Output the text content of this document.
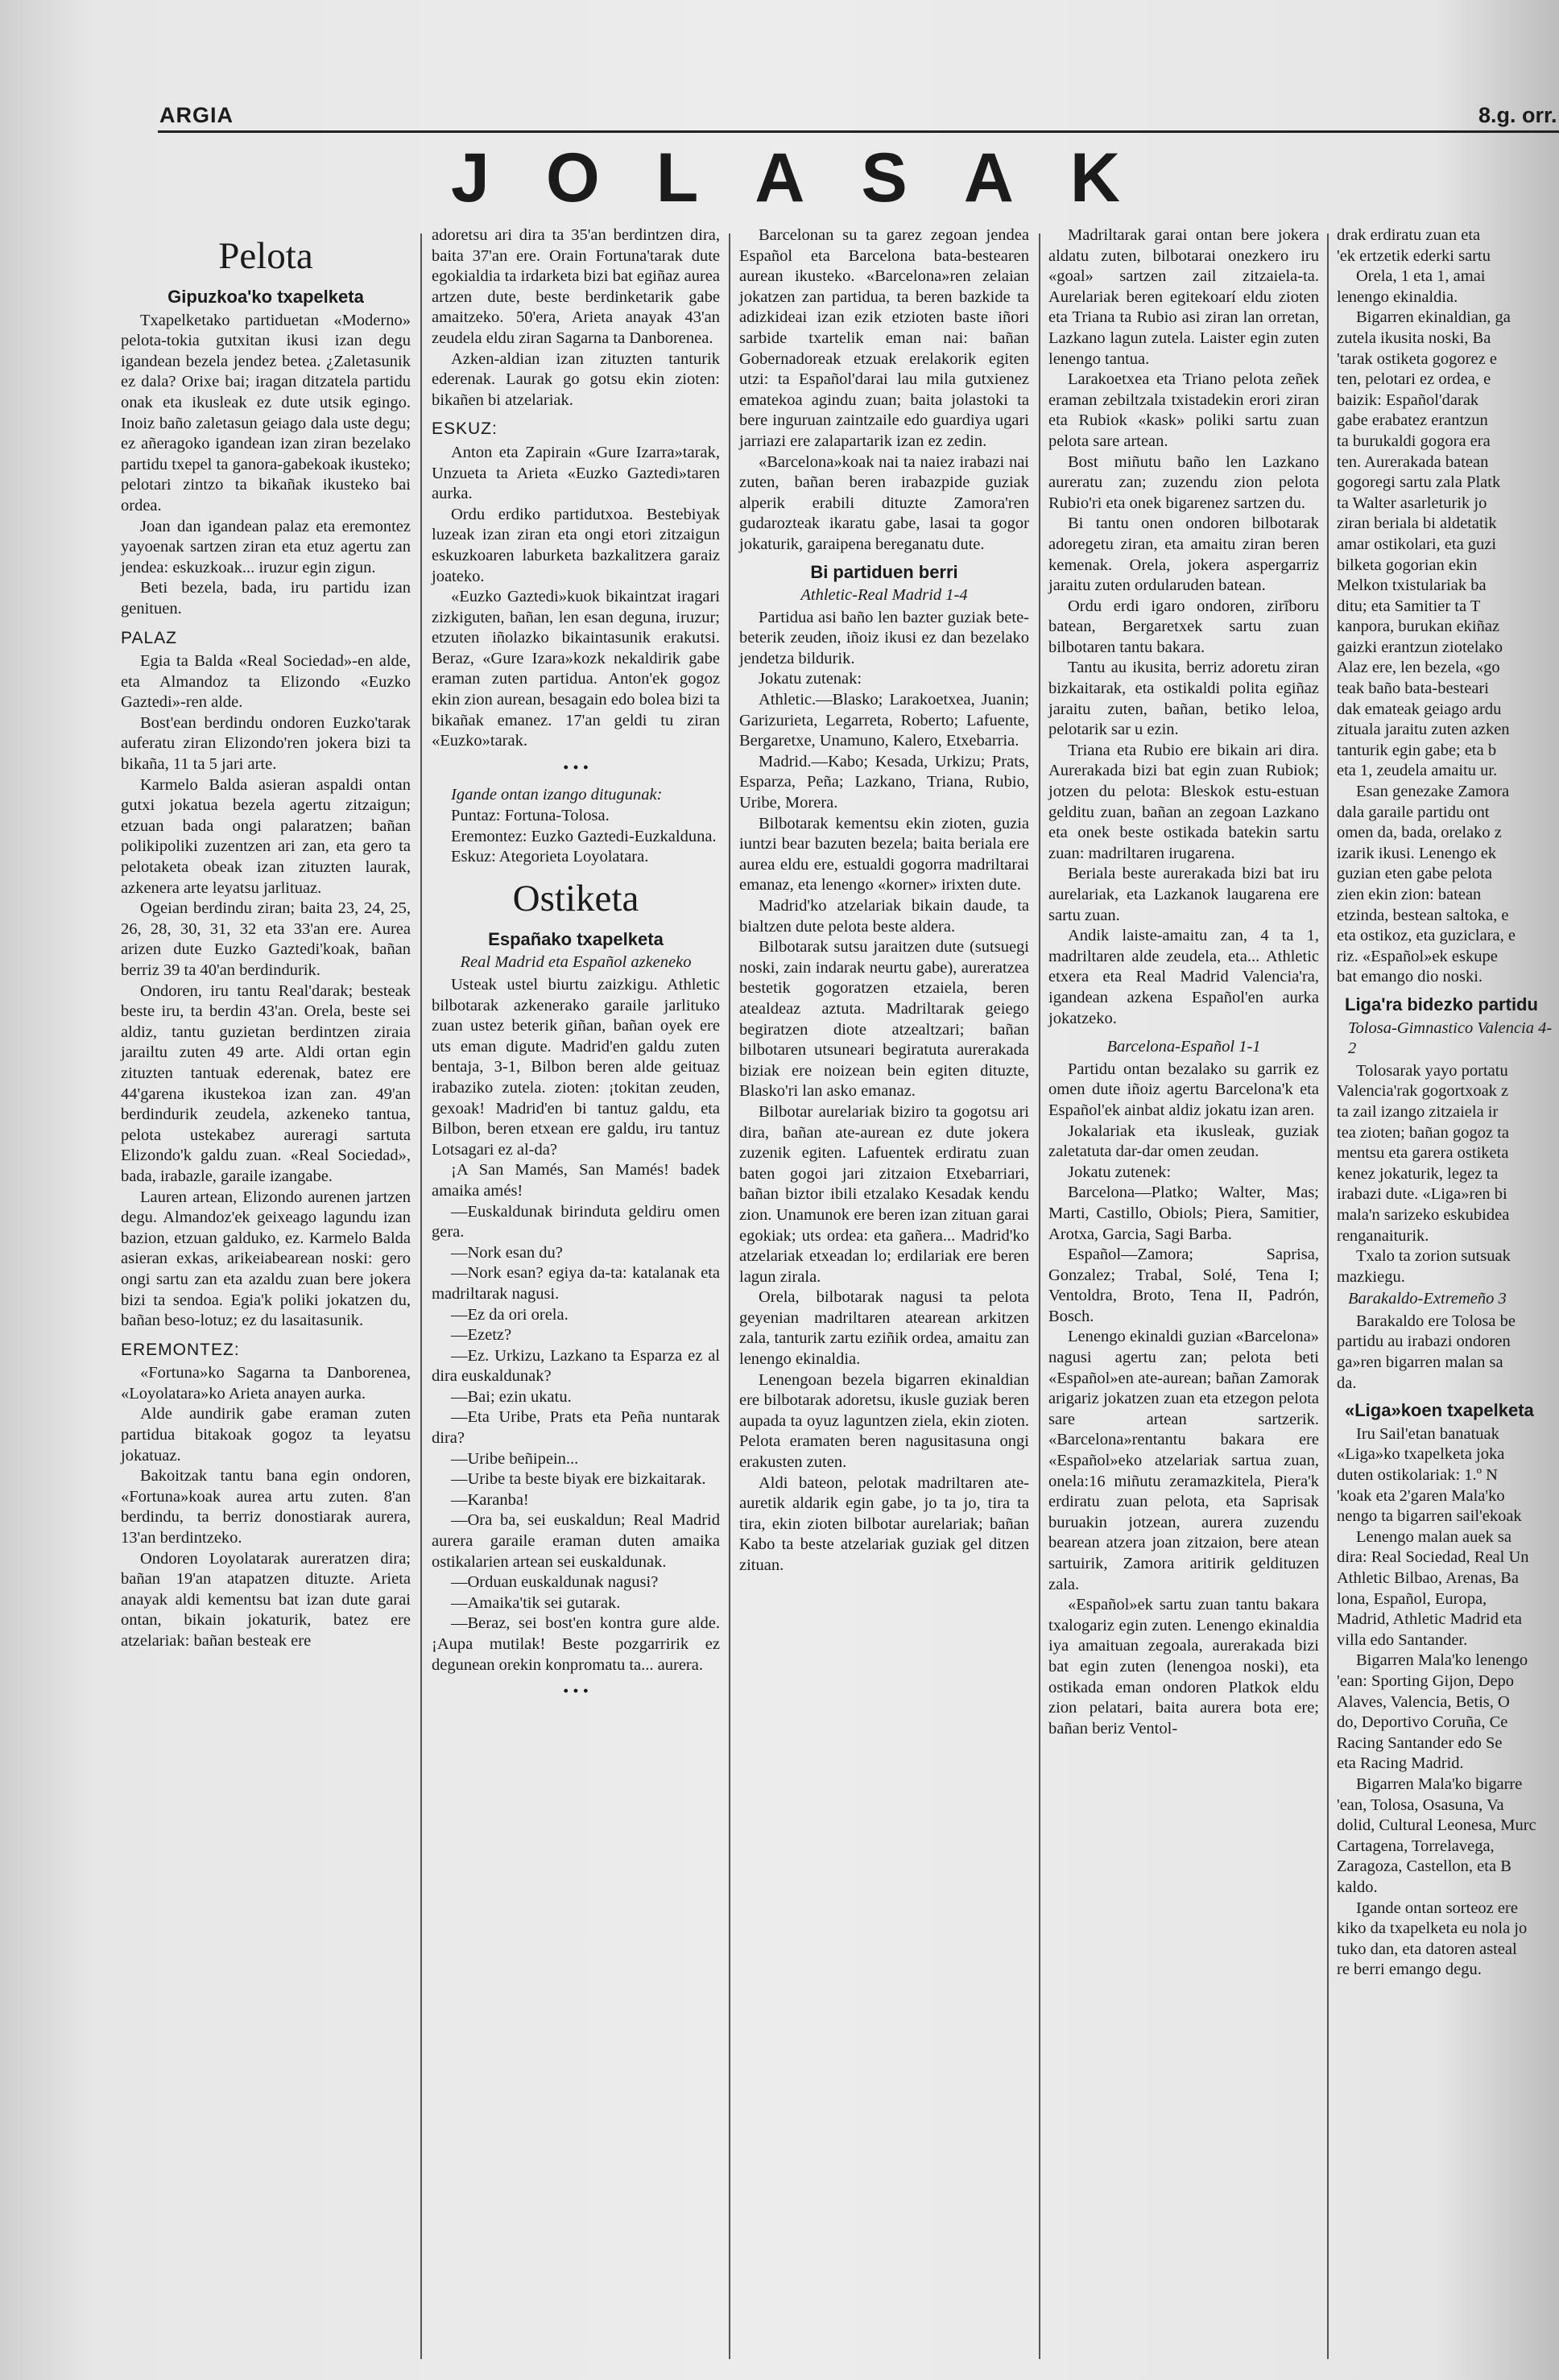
ARGIA	8.g. orr.
JOLASAK
Pelota
Gipuzkoa'ko txapelketa

Txapelketako partiduetan «Moderno» pelota-tokia gutxitan ikusi izan degu igandean bezela jendez betea. ¿Zaletasunik ez dala? Orixe bai; iragan ditzatela partidu onak eta ikusleak ez dute utsik egingo. Inoiz baño zaletasun geiago dala uste degu; ez añeragoko igandean izan ziran bezelako partidu txepel ta ganora-gabekoak ikusteko; pelotari zintzo ta bikañak ikusteko bai ordea.

Joan dan igandean palaz eta eremontez yayoenak sartzen ziran eta etuz agertu zan jendea: eskuzkoak... iruzur egin zigun.

Beti bezela, bada, iru partidu izan genituen.

PALAZ

Egia ta Balda «Real Sociedad»-en alde, eta Almandoz ta Elizondo «Euzko Gaztedi»-ren alde.

Bost'ean berdindu ondoren Euzko'tarak auferatu ziran Elizondo'ren jokera bizi ta bikaña, 11 ta 5 jari arte.

Karmelo Balda asieran aspaldi ontan gutxi jokatua bezela agertu zitzaigun; etzuan bada ongi palaratzen; bañan polikipoliki zuzentzen ari zan, eta gero ta pelotaketa obeak izan zituzten laurak, azkenera arte leyatsu jarlituaz.

Ogeian berdindu ziran; baita 23, 24, 25, 26, 28, 30, 31, 32 eta 33'an ere. Aurea arizen dute Euzko Gaztedi'koak, bañan berriz 39 ta 40'an berdindurik.

Ondoren, iru tantu Real'darak; besteak beste iru, ta berdin 43'an. Orela, beste sei aldiz, tantu guzietan berdintzen ziraia jarailtu zuten 49 arte. Aldi ortan egin zituzten tantuak ederenak, batez ere 44'garena ikustekoa izan zan. 49'an berdindurik zeudela, azkeneko tantua, pelota ustekabez aureragi sartuta Elizondo'k galdu zuan. «Real Sociedad», bada, irabazle, garaile izangabe.

Lauren artean, Elizondo aurenen jartzen degu. Almandoz'ek geixeago lagundu izan bazion, etzuan galduko, ez. Karmelo Balda asieran exkas, arikeiabearean noski: gero ongi sartu zan eta azaldu zuan bere jokera bizi ta sendoa. Egia'k poliki jokatzen du, bañan beso-lotuz; ez du lasaitasunik.

EREMONTEZ:

«Fortuna»ko Sagarna ta Danborenea, «Loyolatara»ko Arieta anayen aurka.

Alde aundirik gabe eraman zuten partidua bitakoak gogoz ta leyatsu jokatuaz.

Bakoitzak tantu bana egin ondoren, «Fortuna»koak aurea artu zuten. 8'an berdindu, ta berriz donostiarak aurera, 13'an berdintzeko.

Ondoren Loyolatarak aureratzen dira; bañan 19'an atapatzen dituzte. Arieta anayak aldi kementsu bat izan dute garai ontan, bikain jokaturik, batez ere atzelariak: bañan besteak ere

adoretsu ari dira ta 35'an berdintzen dira, baita 37'an ere. Orain Fortuna'tarak dute egokialdia ta irdarketa bizi bat egiñaz aurea artzen dute, beste berdinketarik gabe amaitzeko. 50'era, Arieta anayak 43'an zeudela eldu ziran Sagarna ta Danborenea.

Azken-aldian izan zituzten tanturik ederenak. Laurak go gotsu ekin zioten: bikañen bi atzelariak.

ESKUZ:

Anton eta Zapirain «Gure Izarra»tarak, Unzueta ta Arieta «Euzko Gaztedi»taren aurka.

Ordu erdiko partidutxoa. Bestebiyak luzeak izan ziran eta ongi etori zitzaigun eskuzkoaren laburketa bazkalitzera garaiz joateko.

«Euzko Gaztedi»kuok bikaintzat iragari zizkiguten, bañan, len esan deguna, iruzur; etzuten iñolazko bikaintasunik erakutsi. Beraz, «Gure Izara»kozk nekaldirik gabe eraman zuten partidua. Anton'ek gogoz ekin zion aurean, besagain edo bolea bizi ta bikañak emanez. 17'an geldi tu ziran «Euzko»tarak.

• • •

Igande ontan izango ditugunak:

Puntaz: Fortuna-Tolosa.

Eremontez: Euzko Gaztedi-Euzkalduna.

Eskuz: Ategorieta Loyolatara.

Ostiketa
Españako txapelketa
Real Madrid eta Español azkeneko

Usteak ustel biurtu zaizkigu. Athletic bilbotarak azkenerako garaile jarlituko zuan ustez beterik giñan, bañan oyek ere uts eman digute. Madrid'en galdu zuten bentaja, 3-1, Bilbon beren alde geituaz irabaziko zutela. zioten: ¡tokitan zeuden, gexoak! Madrid'en bi tantuz galdu, eta Bilbon, beren etxean ere galdu, iru tantuz Lotsagari ez al-da?

¡A San Mamés, San Mamés! badek amaika amés!

—Euskaldunak birinduta geldiru omen gera.

—Nork esan du?

—Nork esan? egiya da-ta: katalanak eta madriltarak nagusi.

—Ez da ori orela.

—Ezetz?

—Ez. Urkizu, Lazkano ta Esparza ez al dira euskaldunak?

—Bai; ezin ukatu.

—Eta Uribe, Prats eta Peña nuntarak dira?

—Uribe beñipein...

—Uribe ta beste biyak ere bizkaitarak.

—Karanba!

—Ora ba, sei euskaldun; Real Madrid aurera garaile eraman duten amaika ostikalarien artean sei euskaldunak.

—Orduan euskaldunak nagusi?

—Amaika'tik sei gutarak.

—Beraz, sei bost'en kontra gure alde. ¡Aupa mutilak! Beste pozgarririk ez degunean orekin konpromatu ta... aurera.

• • •

Barcelonan su ta garez zegoan jendea Español eta Barcelona bata-bestearen aurean ikusteko. «Barcelona»ren zelaian jokatzen zan partidua, ta beren bazkide ta adizkideai izan ezik etzioten baste iñori sarbide txartelik eman nai: bañan Gobernadoreak etzuak erelakorik egiten utzi: ta Español'darai lau mila gutxienez ematekoa agindu zuan; baita jolastoki ta bere inguruan zaintzaile edo guardiya ugari jarriazi ere zalapartarik izan ez zedin.

«Barcelona»koak nai ta naiez irabazi nai zuten, bañan beren irabazpide guziak alperik erabili dituzte Zamora'ren gudarozteak ikaratu gabe, lasai ta gogor jokaturik, garaipena bereganatu dute.

Bi partiduen berri
Athletic-Real Madrid 1-4

Partidua asi baño len bazter guziak bete-beterik zeuden, iñoiz ikusi ez dan bezelako jendetza bildurik.

Jokatu zutenak:

Athletic.—Blasko; Larakoetxea, Juanin; Garizurieta, Legarreta, Roberto; Lafuente, Bergaretxe, Unamuno, Kalero, Etxebarria.

Madrid.—Kabo; Kesada, Urkizu; Prats, Esparza, Peña; Lazkano, Triana, Rubio, Uribe, Morera.

Bilbotarak kementsu ekin zioten, guzia iuntzi bear bazuten bezela; baita beriala ere aurea eldu ere, estualdi gogorra madriltarai emanaz, eta lenengo «korner» irixten dute.

Madrid'ko atzelariak bikain daude, ta bialtzen dute pelota beste aldera.

Bilbotarak sutsu jaraitzen dute (sutsuegi noski, zain indarak neurtu gabe), aureratzea bestetik gogoratzen etzaiela, beren atealdeaz aztuta. Madriltarak geiego begiratzen diote atzealtzari; bañan bilbotaren utsuneari begiratuta aurerakada biziak ere noizean bein egiten dituzte, Blasko'ri lan asko emanaz.

Bilbotar aurelariak biziro ta gogotsu ari dira, bañan ate-aurean ez dute jokera zuzenik egiten. Lafuentek erdiratu zuan baten gogoi jari zitzaion Etxebarriari, bañan biztor ibili etzalako Kesadak kendu zion. Unamunok ere beren izan zituan garai egokiak; uts ordea: eta gañera... Madrid'ko atzelariak etxeadan lo; erdilariak ere beren lagun zirala.

Orela, bilbotarak nagusi ta pelota geyenian madriltaren atearean arkitzen zala, tanturik zartu eziñik ordea, amaitu zan lenengo ekinaldia.

Lenengoan bezela bigarren ekinaldian ere bilbotarak adoretsu, ikusle guziak beren aupada ta oyuz laguntzen ziela, ekin zioten. Pelota eramaten beren nagusitasuna ongi erakusten zuten.

Aldi bateon, pelotak madriltaren ate-auretik aldarik egin gabe, jo ta jo, tira ta tira, ekin zioten bilbotar aurelariak; bañan Kabo ta beste atzelariak guziak gel ditzen zituan.

Madriltarak garai ontan bere jokera aldatu zuten, bilbotarai onezkero iru «goal» sartzen zail zitzaiela-ta. Aurelariak beren egitekoarí eldu zioten eta Triana ta Rubio asi ziran lan orretan, Lazkano lagun zutela. Laister egin zuten lenengo tantua.

Larakoetxea eta Triano pelota zeñek eraman zebiltzala txistadekin erori ziran eta Rubiok «kask» poliki sartu zuan pelota sare artean.

Bost miñutu baño len Lazkano aureratu zan; zuzendu zion pelota Rubio'ri eta onek bigarenez sartzen du.

Bi tantu onen ondoren bilbotarak adoregetu ziran, eta amaitu ziran beren kemenak. Orela, jokera aspergarriz jaraitu zuten ordularuden batean.

Ordu erdi igaro ondoren, zirīboru batean, Bergaretxek sartu zuan bilbotaren tantu bakara.

Tantu au ikusita, berriz adoretu ziran bizkaitarak, eta ostikaldi polita egiñaz jaraitu zuten, bañan, betiko leloa, pelotarik sar u ezin.

Triana eta Rubio ere bikain ari dira. Aurerakada bizi bat egin zuan Rubiok; jotzen du pelota: Bleskok estu-estuan gelditu zuan, bañan an zegoan Lazkano eta onek beste ostikada batekin sartu zuan: madriltaren irugarena.

Beriala beste aurerakada bizi bat iru aurelariak, eta Lazkanok laugarena ere sartu zuan.

Andik laiste-amaitu zan, 4 ta 1, madriltaren alde zeudela, eta... Athletic etxera eta Real Madrid Valencia'ra, igandean azkena Español'en aurka jokatzeko.

Barcelona-Español 1-1

Partidu ontan bezalako su garrik ez omen dute iñoiz agertu Barcelona'k eta Español'ek ainbat aldiz jokatu izan aren.

Jokalariak eta ikusleak, guziak zaletatuta dar-dar omen zeudan.

Jokatu zutenek:

Barcelona—Platko; Walter, Mas; Marti, Castillo, Obiols; Piera, Samitier, Arotxa, Garcia, Sagi Barba.

Español—Zamora; Saprisa, Gonzalez; Trabal, Solé, Tena I; Ventoldra, Broto, Tena II, Padrón, Bosch.

Lenengo ekinaldi guzian «Barcelona» nagusi agertu zan; pelota beti «Español»en ate-aurean; bañan Zamorak arigariz jokatzen zuan eta etzegon pelota sare artean sartzerik. «Barcelona»rentantu bakara ere «Español»eko atzelariak sartua zuan, onela:16 miñutu zeramazkitela, Piera'k erdiratu zuan pelota, eta Saprisak buruakin jotzean, aurera zuzendu bearean atzera joan zitzaion, bere atean sartuirik, Zamora aritirik geldituzen zala.

«Español»ek sartu zuan tantu bakara txalogariz egin zuten. Lenengo ekinaldia iya amaituan zegoala, aurerakada bizi bat egin zuten (lenengoa noski), eta ostikada eman ondoren Platkok eldu zion pelatari, baita aurera bota ere; bañan beriz Ventol-

drak erdiratu zuan eta

'ek ertzetik ederki sartu

Orela, 1 eta 1, amai

lenengo ekinaldia.

Bigarren ekinaldian, ga

zutela ikusita noski, Ba

'tarak ostiketa gogorez e

ten, pelotari ez ordea, e

baizik: Español'darak

gabe erabatez erantzun

ta burukaldi gogora era

ten. Aurerakada batean

gogoregi sartu zala Platk

ta Walter asarleturik jo

ziran beriala bi aldetatik

amar ostikolari, eta guzi

bilketa gogorian ekin

Melkon txistulariak ba

ditu; eta Samitier ta T

kanpora, burukan ekiñaz

gaizki erantzun ziotelako

Alaz ere, len bezela, «go

teak baño bata-besteari

dak emateak geiago ardu

zituala jaraitu zuten azken

tanturik egin gabe; eta b

eta 1, zeudela amaitu ur.

Esan genezake Zamora

dala garaile partidu ont

omen da, bada, orelako z

izarik ikusi. Lenengo ek

guzian eten gabe pelota

zien ekin zion: batean

etzinda, bestean saltoka, e

eta ostikoz, eta guziclara, e

riz. «Español»ek eskupe

bat emango dio noski.

Liga'ra bidezko partidu
Tolosa-Gimnastico Valencia 4-2

Tolosarak yayo portatu

Valencia'rak gogortxoak z

ta zail izango zitzaiela ir

tea zioten; bañan gogoz ta

mentsu eta garera ostiketa

kenez jokaturik, legez ta

irabazi dute. «Liga»ren bi

mala'n sarizeko eskubidea

renganaiturik.

Txalo ta zorion sutsuak

mazkiegu.

Barakaldo-Extremeño 3

Barakaldo ere Tolosa be

partidu au irabazi ondoren

ga»ren bigarren malan sa

da.

«Liga»koen txapelketa

Iru Sail'etan banatuak

«Liga»ko txapelketa joka

duten ostikolariak: 1.º N

'koak eta 2'garen Mala'ko

nengo ta bigarren sail'ekoak

Lenengo malan auek sa

dira: Real Sociedad, Real Un

Athletic Bilbao, Arenas, Ba

lona, Español, Europa,

Madrid, Athletic Madrid eta

villa edo Santander.

Bigarren Mala'ko lenengo

'ean: Sporting Gijon, Depo

Alaves, Valencia, Betis, O

do, Deportivo Coruña, Ce

Racing Santander edo Se

eta Racing Madrid.

Bigarren Mala'ko bigarre

'ean, Tolosa, Osasuna, Va

dolid, Cultural Leonesa, Murc

Cartagena, Torrelavega,

Zaragoza, Castellon, eta B

kaldo.

Igande ontan sorteoz ere

kiko da txapelketa eu nola jo

tuko dan, eta datoren asteal

re berri emango degu.
